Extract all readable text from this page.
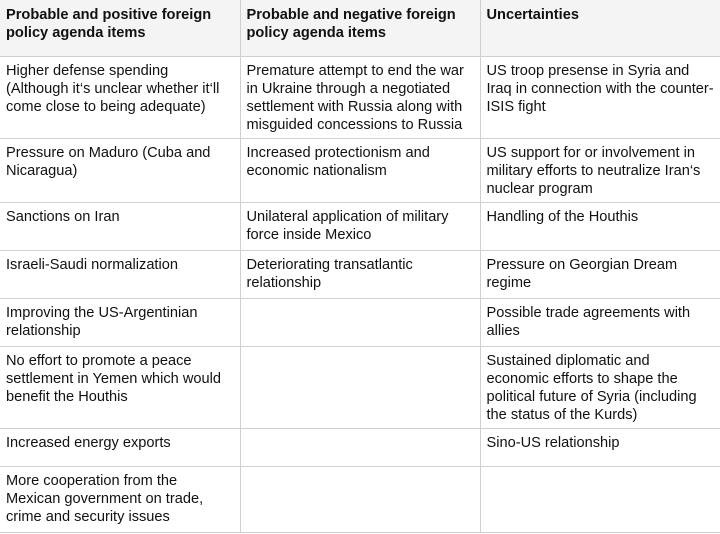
Probable and positive foreign policy agenda items	Probable and negative foreign policy agenda items	Uncertainties
Higher defense spending (Although it‘s unclear whether it‘ll come close to being adequate)	Premature attempt to end the war in Ukraine through a negotiated settlement with Russia along with misguided concessions to Russia	US troop presense in Syria and Iraq in connection with the counter-ISIS fight
Pressure on Maduro (Cuba and Nicaragua)	Increased protectionism and economic nationalism	US support for or involvement in military efforts to neutralize Iran‘s nuclear program
Sanctions on Iran	Unilateral application of military force inside Mexico	Handling of the Houthis
Israeli-Saudi normalization	Deteriorating transatlantic relationship	Pressure on Georgian Dream regime
Improving the US-Argentinian relationship		Possible trade agreements with allies
No effort to promote a peace settlement in Yemen which would benefit the Houthis		Sustained diplomatic and economic efforts to shape the political future of Syria (including the status of the Kurds)
Increased energy exports		Sino-US relationship
More cooperation from the Mexican government on trade, crime and security issues		
